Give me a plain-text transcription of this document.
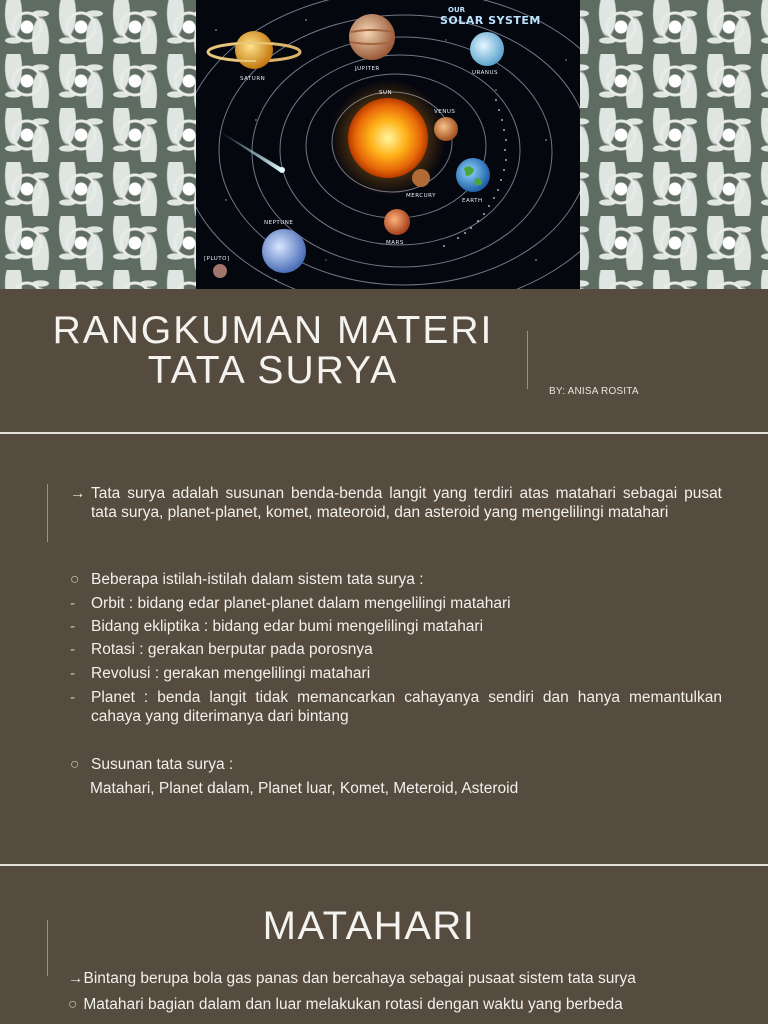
SATURN
JUPITER
URANUS
SUN
VENUS
MERCURY
EARTH
MARS
NEPTUNE
[PLUTO]
OUR
SOLAR SYSTEM
RANGKUMAN MATERI
TATA SURYA	BY: ANISA ROSITA
→ Tata surya adalah susunan benda-benda langit yang terdiri atas matahari sebagai pusat tata surya, planet-planet, komet, mateoroid, dan asteroid yang mengelilingi matahari
○ Beberapa istilah-istilah dalam sistem tata surya :
-	Orbit : bidang edar planet-planet dalam mengelilingi matahari
-	Bidang ekliptika : bidang edar bumi mengelilingi matahari
-	Rotasi : gerakan berputar pada porosnya
-	Revolusi : gerakan mengelilingi matahari
-	Planet : benda langit tidak memancarkan cahayanya sendiri dan hanya memantulkan cahaya yang diterimanya dari bintang
○ Susunan tata surya :
Matahari, Planet dalam, Planet luar, Komet, Meteroid, Asteroid
MATAHARI
→Bintang berupa bola gas panas dan bercahaya sebagai pusaat sistem tata surya
○ Matahari bagian dalam dan luar melakukan rotasi dengan waktu yang berbeda
